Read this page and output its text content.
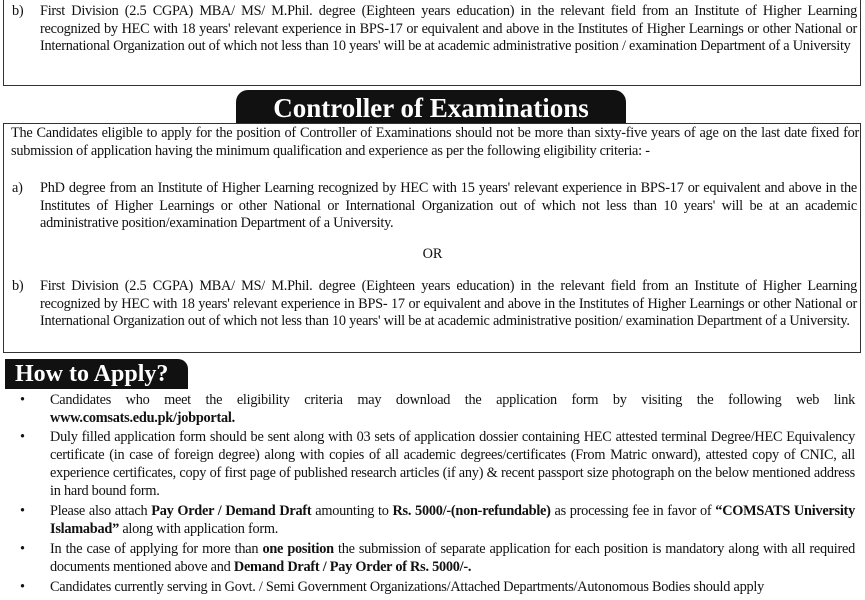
b) First Division (2.5 CGPA) MBA/ MS/ M.Phil. degree (Eighteen years education) in the relevant field from an Institute of Higher Learning recognized by HEC with 18 years' relevant experience in BPS-17 or equivalent and above in the Institutes of Higher Learnings or other National or International Organization out of which not less than 10 years' will be at academic administrative position / examination Department of a University
Controller of Examinations
The Candidates eligible to apply for the position of Controller of Examinations should not be more than sixty-five years of age on the last date fixed for submission of application having the minimum qualification and experience as per the following eligibility criteria: -
a) PhD degree from an Institute of Higher Learning recognized by HEC with 15 years' relevant experience in BPS-17 or equivalent and above in the Institutes of Higher Learnings or other National or International Organization out of which not less than 10 years' will be at an academic administrative position/examination Department of a University.
OR
b) First Division (2.5 CGPA) MBA/ MS/ M.Phil. degree (Eighteen years education) in the relevant field from an Institute of Higher Learning recognized by HEC with 18 years' relevant experience in BPS- 17 or equivalent and above in the Institutes of Higher Learnings or other National or International Organization out of which not less than 10 years' will be at academic administrative position/ examination Department of a University.
How to Apply?
• Candidates who meet the eligibility criteria may download the application form by visiting the following web link www.comsats.edu.pk/jobportal.
• Duly filled application form should be sent along with 03 sets of application dossier containing HEC attested terminal Degree/HEC Equivalency certificate (in case of foreign degree) along with copies of all academic degrees/certificates (From Matric onward), attested copy of CNIC, all experience certificates, copy of first page of published research articles (if any) & recent passport size photograph on the below mentioned address in hard bound form.
• Please also attach Pay Order / Demand Draft amounting to Rs. 5000/-(non-refundable) as processing fee in favor of “COMSATS University Islamabad” along with application form.
• In the case of applying for more than one position the submission of separate application for each position is mandatory along with all required documents mentioned above and Demand Draft / Pay Order of Rs. 5000/-.
• Candidates currently serving in Govt. / Semi Government Organizations/Attached Departments/Autonomous Bodies should apply
